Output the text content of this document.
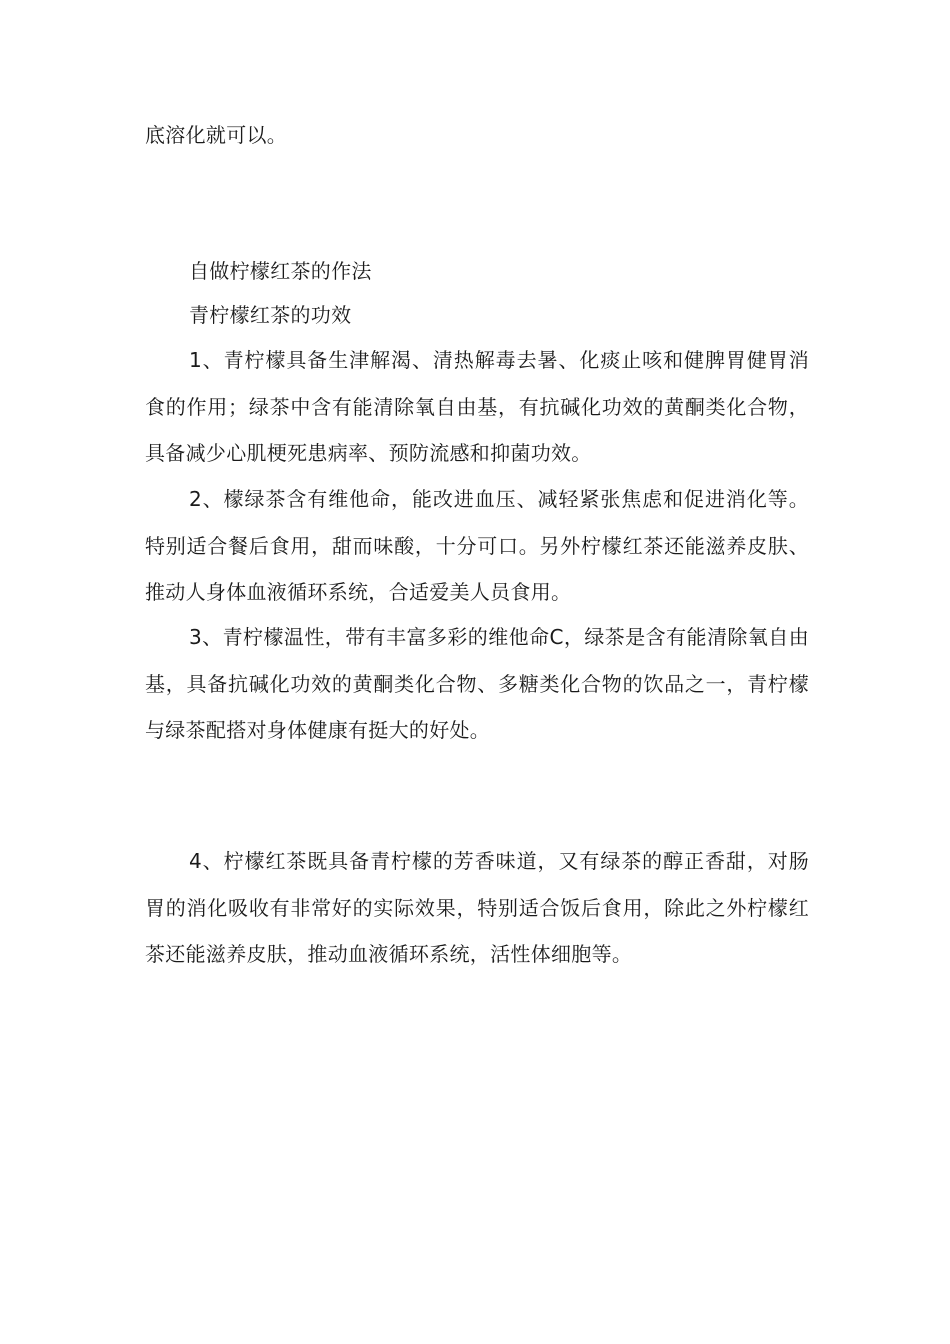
底溶化就可以。

自做柠檬红茶的作法

青柠檬红茶的功效

1、青柠檬具备生津解渴、清热解毒去暑、化痰止咳和健脾胃健胃消食的作用；绿茶中含有能清除氧自由基，有抗碱化功效的黄酮类化合物，具备减少心肌梗死患病率、预防流感和抑菌功效。

2、檬绿茶含有维他命，能改进血压、减轻紧张焦虑和促进消化等。特别适合餐后食用，甜而味酸，十分可口。另外柠檬红茶还能滋养皮肤、推动人身体血液循环系统，合适爱美人员食用。

3、青柠檬温性，带有丰富多彩的维他命C，绿茶是含有能清除氧自由基，具备抗碱化功效的黄酮类化合物、多糖类化合物的饮品之一，青柠檬与绿茶配搭对身体健康有挺大的好处。

4、柠檬红茶既具备青柠檬的芳香味道，又有绿茶的醇正香甜，对肠胃的消化吸收有非常好的实际效果，特别适合饭后食用，除此之外柠檬红茶还能滋养皮肤，推动血液循环系统，活性体细胞等。
